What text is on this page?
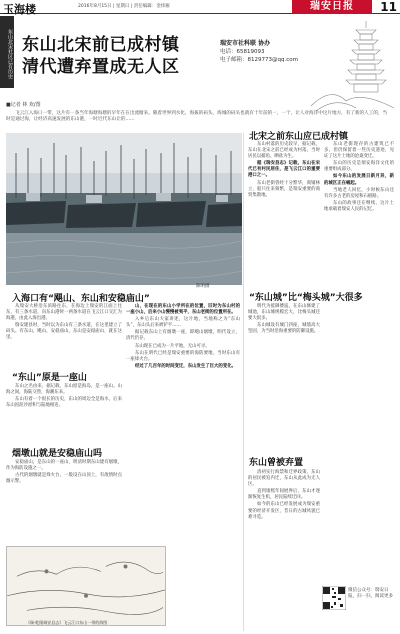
玉海楼	2016年8月15日 | 星期日 | 责任编辑：金炜雁	瑞安日报	11
东山北宋社区已有历史 东山北宋前已成村镇
清代遭弃置成无人区
瑞安市社科联 协办
电话：65819093
电子邮箱：8129773@qq.com
■记者 林 欢/图
飞云江入海口一带，这片有一条当年海塘海塘的早年在在出流塘来。随着世界到水化，海拔的码头，海城的码头也就有十年前的一，一个，让人对海洋中这片地方，有了新的人工的，当时是通过海，让经济高速发展的东山港，一时近代东山让的……
陈明摄
入海口有“飓山、东山和安稳庙山”

从瑞安大桥沿东滨路往东，在海边上瑞安的江面上往东，有三条水道，向东山港时一两条水道在飞云江口交汇为海港，由此入海出港。

瑞安建县时，当时以为东山有三条水道，在这里建立了码头。有东山、飓山、安稳庙山，东山是安稳庙山，就在这里。

“东山”原是一座山

东山之名由来，据记载，东山原是海岛，是一座山。山海之间，海陆交替，海潮东来。

东山有着一个很长的历史，东山的周边全是海水，后来东山因泥沙淤积与陆地相连。

烟墩山就是安稳庙山吗

安稳庙山，是东山的一座山，明清时期东山建有烟墩，作为海防设施之一。

古代的烟墩就是烽火台，一般设在山顶上，有敌情时点烟示警。

山，在现在的东山小学所在的位置，旧时为东山村的一座小山，后来小山慢慢被夷平，东山老街的位置所在。

入乡后东山大家讲述，这片地，当地称之为“东山头”，东山头后来被铲平……

据记载东山上有烟墩一座，即飓山烟墩，明代设立，清代仍存。

东山现在已成为一片平地，无山可寻。

东山在明代已经是瑞安重要的海防要地，当时东山有一座烽火台。

经过了几百年的时间变迁，东山发生了巨大的变化。

《瑞·乾隆瑞安县志》飞云江口东山一带的海图
北宋之前东山应已成村镇

东山村落的历史较早，据记载，东山在北宋之前已经成为村落，当时居民以捕鱼、晒盐为生。

据《瑞安县志》记载，东山在宋代已有村民居住，是飞云江口的重要港口之一。

东山老街曾经十分繁华，商铺林立，船只往来频繁，是瑞安重要的商贸集散地。

“东山城”比“梅头城”大很多

明代为抵御倭寇，在东山修建了城池，东山城规模宏大，比梅头城还要大很多。

东山城设有城门四座，城墙高大坚固，为当时沿海重要的防御设施。

东山曾被弃置

清初实行海禁和迁界政策，东山的居民被迫内迁，东山从此成为无人区。

直到康熙年间展界后，东山才逐渐恢复生机，居民陆续迁回。

如今的东山已经发展成为瑞安重要的经济开发区，昔日的古城风貌已难寻觅。

东山老街现存的古建筑已不多，但仍保留着一些历史遗迹，见证了这片土地的沧桑变迁。

东山的历史是瑞安海洋文化的重要组成部分。

如今东山的发展日新月异，新的城区正在崛起。

当地老人回忆，小时候东山还有许多古老的房屋和石板路。

东山的故事还在继续，这片土地承载着瑞安人民的记忆。

微信公众号：瑞安日报，扫一扫，阅读更多
